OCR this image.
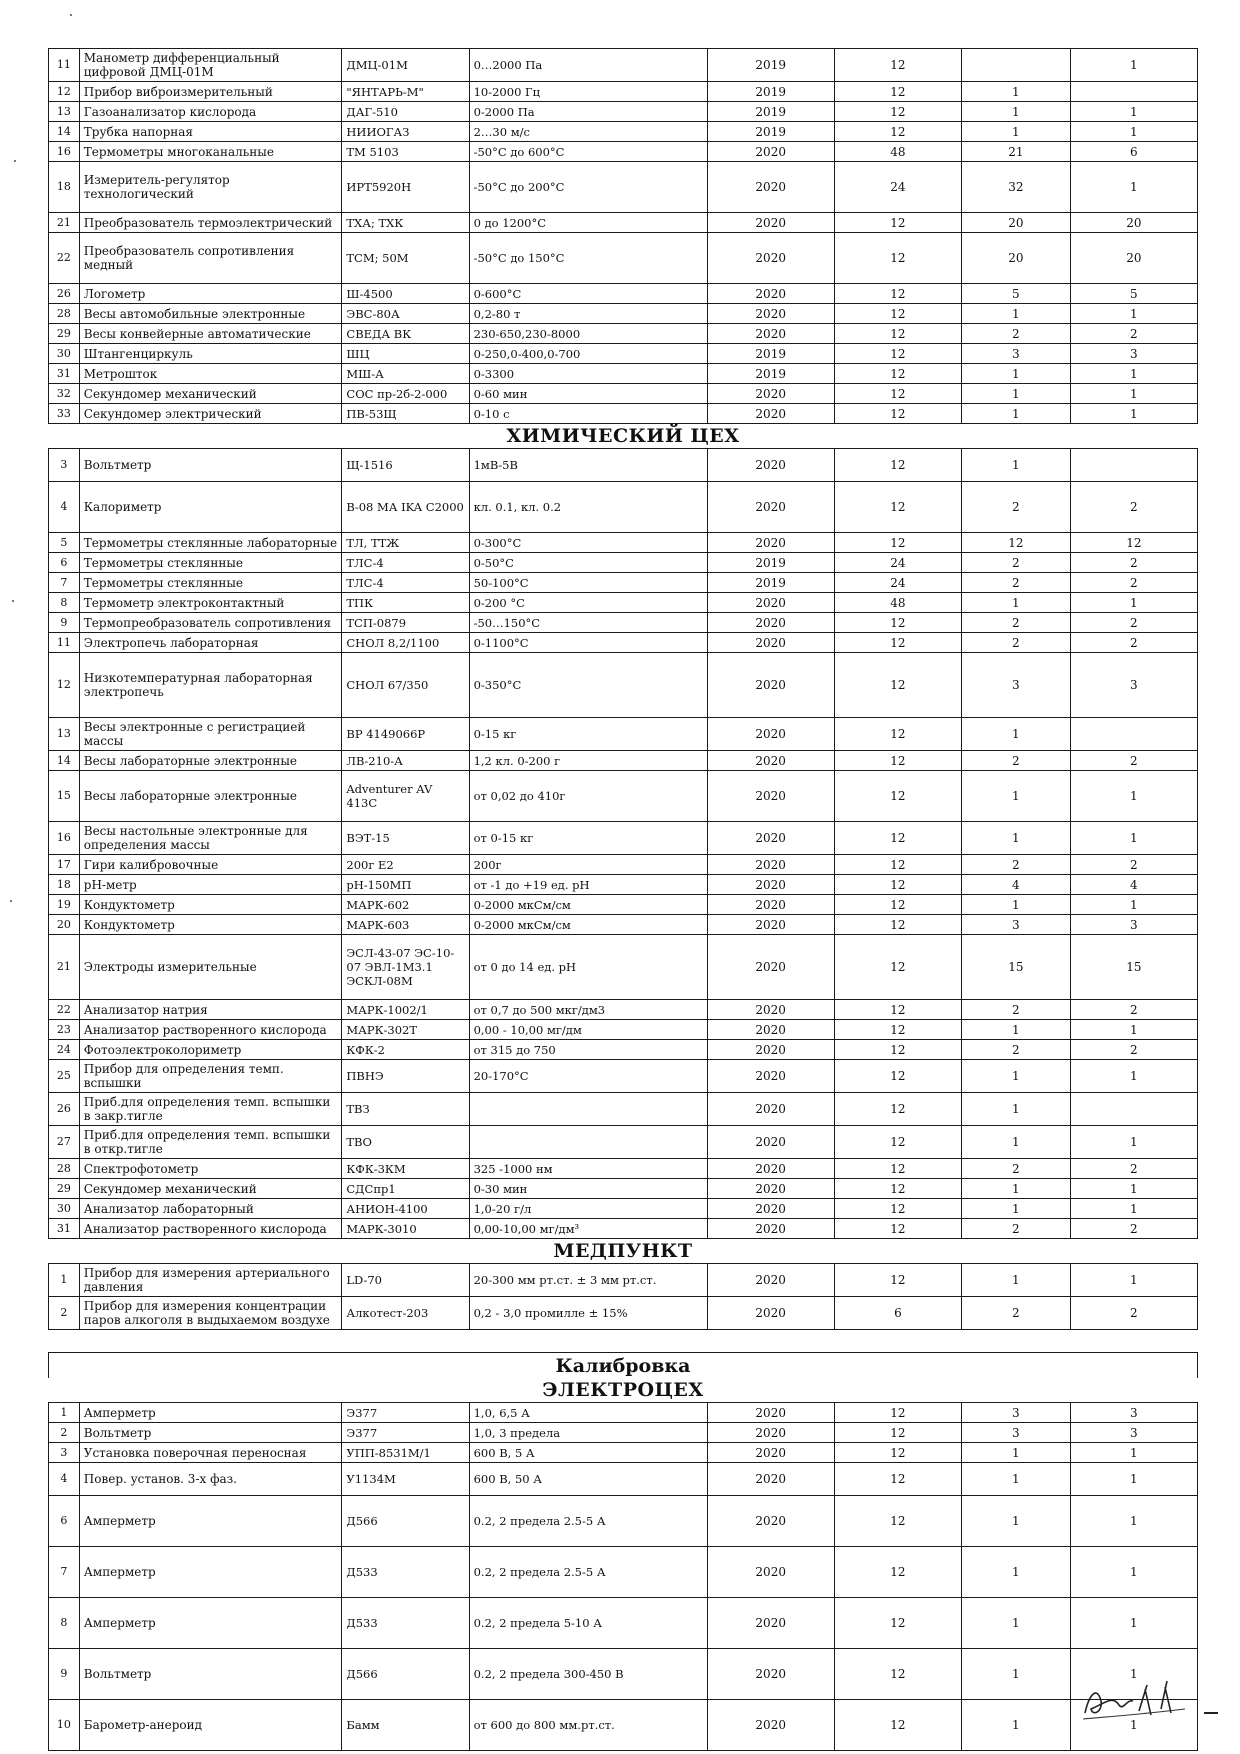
11	Манометр дифференциальный цифровой ДМЦ-01М	ДМЦ-01М	0…2000 Па	2019	12		1
12	Прибор виброизмерительный	"ЯНТАРЬ-М"	10-2000 Гц	2019	12	1	
13	Газоанализатор кислорода	ДАГ-510	0-2000 Па	2019	12	1	1
14	Трубка напорная	НИИОГАЗ	2…30 м/с	2019	12	1	1
16	Термометры многоканальные	ТМ 5103	-50°С до 600°С	2020	48	21	6
18	Измеритель-регулятор технологический	ИРТ5920Н	-50°С до 200°С	2020	24	32	1
21	Преобразователь термоэлектрический	ТХА; ТХК	0 до 1200°С	2020	12	20	20
22	Преобразователь сопротивления медный	ТСМ; 50М	-50°С до 150°С	2020	12	20	20
26	Логометр	Ш-4500	0-600°С	2020	12	5	5
28	Весы автомобильные электронные	ЭВС-80А	0,2-80 т	2020	12	1	1
29	Весы конвейерные автоматические	СВЕДА ВК	230-650,230-8000	2020	12	2	2
30	Штангенциркуль	ШЦ	0-250,0-400,0-700	2019	12	3	3
31	Метрошток	МШ-А	0-3300	2019	12	1	1
32	Секундомер механический	СОС пр-2б-2-000	0-60 мин	2020	12	1	1
33	Секундомер электрический	ПВ-53Щ	0-10 с	2020	12	1	1
ХИМИЧЕСКИЙ ЦЕХ							
3	Вольтметр	Щ-1516	1мВ-5В	2020	12	1	
4	Калориметр	В-08 МА IKA C2000	кл. 0.1, кл. 0.2	2020	12	2	2
5	Термометры стеклянные лабораторные	ТЛ, ТТЖ	0-300°С	2020	12	12	12
6	Термометры стеклянные	ТЛС-4	0-50°С	2019	24	2	2
7	Термометры стеклянные	ТЛС-4	50-100°С	2019	24	2	2
8	Термометр электроконтактный	ТПК	0-200 °С	2020	48	1	1
9	Термопреобразователь сопротивления	ТСП-0879	-50…150°С	2020	12	2	2
11	Электропечь лабораторная	СНОЛ 8,2/1100	0-1100°С	2020	12	2	2
12	Низкотемпературная лабораторная электропечь	СНОЛ 67/350	0-350°С	2020	12	3	3
13	Весы электронные с регистрацией массы	ВР 4149066Р	0-15 кг	2020	12	1	
14	Весы лабораторные электронные	ЛВ-210-А	1,2 кл. 0-200 г	2020	12	2	2
15	Весы лабораторные электронные	Adventurer AV 413C	от 0,02 до 410г	2020	12	1	1
16	Весы настольные электронные для определения массы	ВЭТ-15	от 0-15 кг	2020	12	1	1
17	Гири калибровочные	200г Е2	200г	2020	12	2	2
18	рН-метр	рН-150МП	от -1 до +19 ед. рН	2020	12	4	4
19	Кондуктометр	МАРК-602	0-2000 мкСм/см	2020	12	1	1
20	Кондуктометр	МАРК-603	0-2000 мкСм/см	2020	12	3	3
21	Электроды измерительные	ЭСЛ-43-07 ЭС-10-07 ЭВЛ-1М3.1 ЭСКЛ-08М	от 0 до 14 ед. рН	2020	12	15	15
22	Анализатор натрия	МАРК-1002/1	от 0,7 до 500 мкг/дм3	2020	12	2	2
23	Анализатор растворенного кислорода	МАРК-302Т	0,00 - 10,00 мг/дм	2020	12	1	1
24	Фотоэлектроколориметр	КФК-2	от 315 до 750	2020	12	2	2
25	Прибор для определения темп. вспышки	ПВНЭ	20-170°С	2020	12	1	1
26	Приб.для определения темп. вспышки в закр.тигле	ТВЗ		2020	12	1	
27	Приб.для определения темп. вспышки в откр.тигле	ТВО		2020	12	1	1
28	Спектрофотометр	КФК-3КМ	325 -1000 нм	2020	12	2	2
29	Секундомер механический	СДСпр1	0-30 мин	2020	12	1	1
30	Анализатор лабораторный	АНИОН-4100	1,0-20 г/л	2020	12	1	1
31	Анализатор растворенного кислорода	МАРК-3010	0,00-10,00 мг/дм³	2020	12	2	2
МЕДПУНКТ							
1	Прибор для измерения артериального давления	LD-70	20-300 мм рт.ст. ± 3 мм рт.ст.	2020	12	1	1
2	Прибор для измерения концентрации паров алкоголя в выдыхаемом воздухе	Алкотест-203	0,2 - 3,0 промилле ± 15%	2020	6	2	2
Калибровка
ЭЛЕКТРОЦЕХ							
1	Амперметр	Э377	1,0, 6,5 А	2020	12	3	3
2	Вольтметр	Э377	1,0, 3 предела	2020	12	3	3
3	Установка поверочная переносная	УПП-8531М/1	600 В, 5 А	2020	12	1	1
4	Повер. установ. 3-х фаз.	У1134М	600 В, 50 А	2020	12	1	1
6	Амперметр	Д566	0.2, 2 предела 2.5-5 А	2020	12	1	1
7	Амперметр	Д533	0.2, 2 предела 2.5-5 А	2020	12	1	1
8	Амперметр	Д533	0.2, 2 предела 5-10 А	2020	12	1	1
9	Вольтметр	Д566	0.2, 2 предела 300-450 В	2020	12	1	1
10	Барометр-анероид	Бамм	от 600 до 800 мм.рт.ст.	2020	12	1	1
